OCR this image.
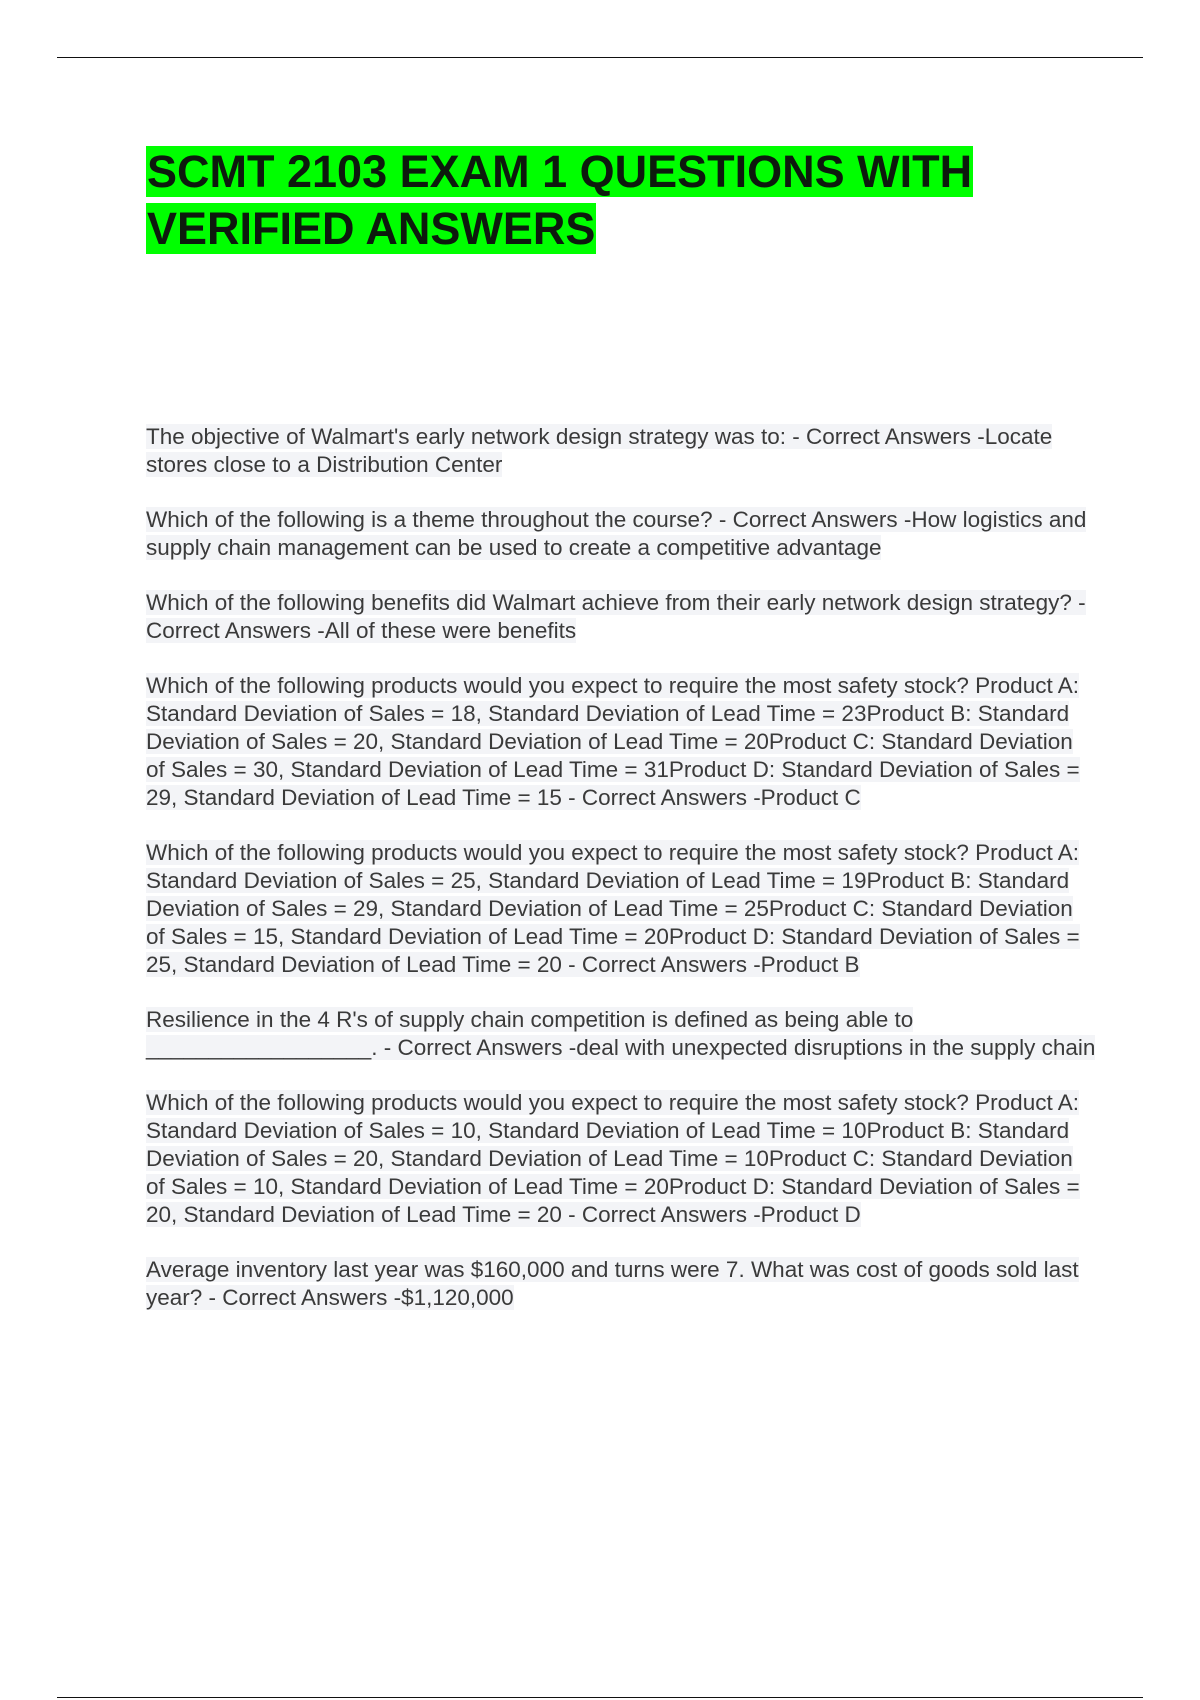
SCMT 2103 EXAM 1 QUESTIONS WITH VERIFIED ANSWERS

The objective of Walmart's early network design strategy was to: - Correct Answers -Locate stores close to a Distribution Center

Which of the following is a theme throughout the course? - Correct Answers -How logistics and supply chain management can be used to create a competitive advantage

Which of the following benefits did Walmart achieve from their early network design strategy? - Correct Answers -All of these were benefits

Which of the following products would you expect to require the most safety stock? Product A: Standard Deviation of Sales = 18, Standard Deviation of Lead Time = 23Product B: Standard Deviation of Sales = 20, Standard Deviation of Lead Time = 20Product C: Standard Deviation of Sales = 30, Standard Deviation of Lead Time = 31Product D: Standard Deviation of Sales = 29, Standard Deviation of Lead Time = 15 - Correct Answers -Product C

Which of the following products would you expect to require the most safety stock? Product A: Standard Deviation of Sales = 25, Standard Deviation of Lead Time = 19Product B: Standard Deviation of Sales = 29, Standard Deviation of Lead Time = 25Product C: Standard Deviation of Sales = 15, Standard Deviation of Lead Time = 20Product D: Standard Deviation of Sales = 25, Standard Deviation of Lead Time = 20 - Correct Answers -Product B

Resilience in the 4 R's of supply chain competition is defined as being able to __________________. - Correct Answers -deal with unexpected disruptions in the supply chain

Which of the following products would you expect to require the most safety stock? Product A: Standard Deviation of Sales = 10, Standard Deviation of Lead Time = 10Product B: Standard Deviation of Sales = 20, Standard Deviation of Lead Time = 10Product C: Standard Deviation of Sales = 10, Standard Deviation of Lead Time = 20Product D: Standard Deviation of Sales = 20, Standard Deviation of Lead Time = 20 - Correct Answers -Product D

Average inventory last year was $160,000 and turns were 7. What was cost of goods sold last year? - Correct Answers -$1,120,000
